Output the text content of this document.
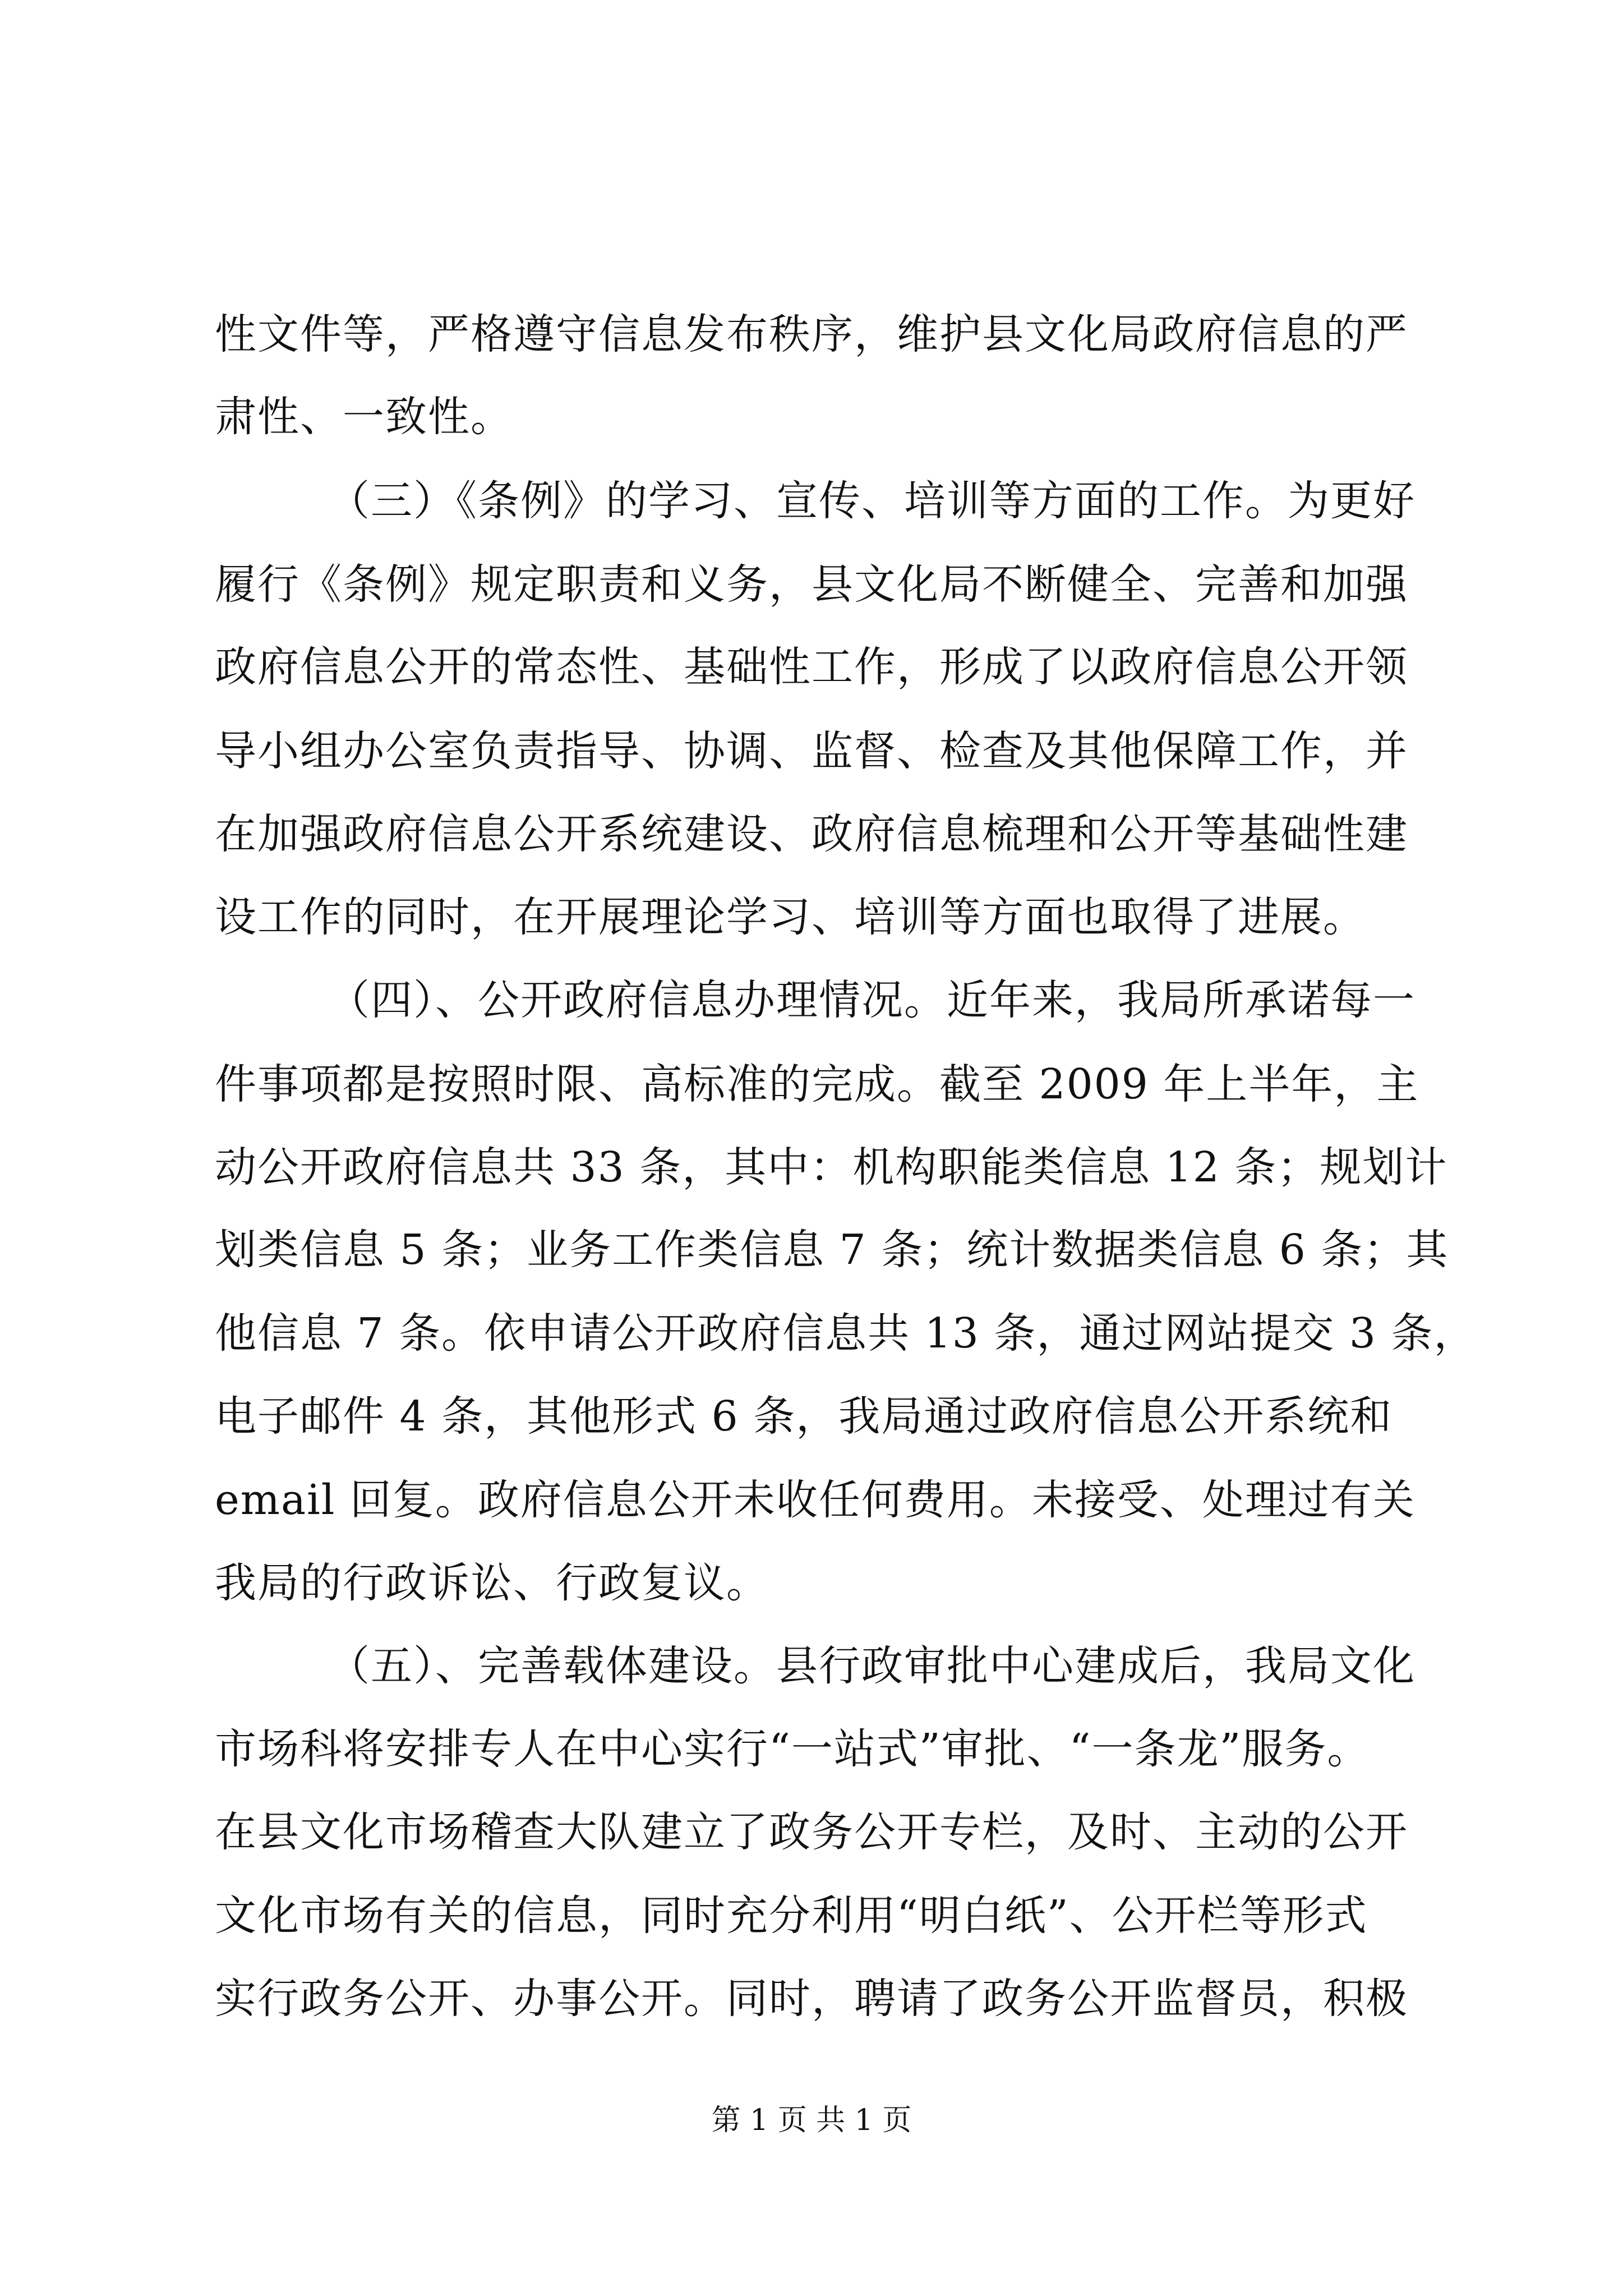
性文件等，严格遵守信息发布秩序，维护县文化局政府信息的严
肃性、一致性。
（三）《条例》的学习、宣传、培训等方面的工作。为更好
履行《条例》规定职责和义务，县文化局不断健全、完善和加强
政府信息公开的常态性、基础性工作，形成了以政府信息公开领
导小组办公室负责指导、协调、监督、检查及其他保障工作，并
在加强政府信息公开系统建设、政府信息梳理和公开等基础性建
设工作的同时，在开展理论学习、培训等方面也取得了进展。
（四）、公开政府信息办理情况。近年来，我局所承诺每一
件事项都是按照时限、高标准的完成。截至 2009 年上半年，主
动公开政府信息共 33 条，其中：机构职能类信息 12 条；规划计
划类信息 5 条；业务工作类信息 7 条；统计数据类信息 6 条；其
他信息 7 条。依申请公开政府信息共 13 条，通过网站提交 3 条，
电子邮件 4 条，其他形式 6 条，我局通过政府信息公开系统和
email 回复。政府信息公开未收任何费用。未接受、处理过有关
我局的行政诉讼、行政复议。
（五）、完善载体建设。县行政审批中心建成后，我局文化
市场科将安排专人在中心实行“一站式”审批、“一条龙”服务。
在县文化市场稽查大队建立了政务公开专栏，及时、主动的公开
文化市场有关的信息，同时充分利用“明白纸”、公开栏等形式
实行政务公开、办事公开。同时，聘请了政务公开监督员，积极
第 1 页 共 1 页
